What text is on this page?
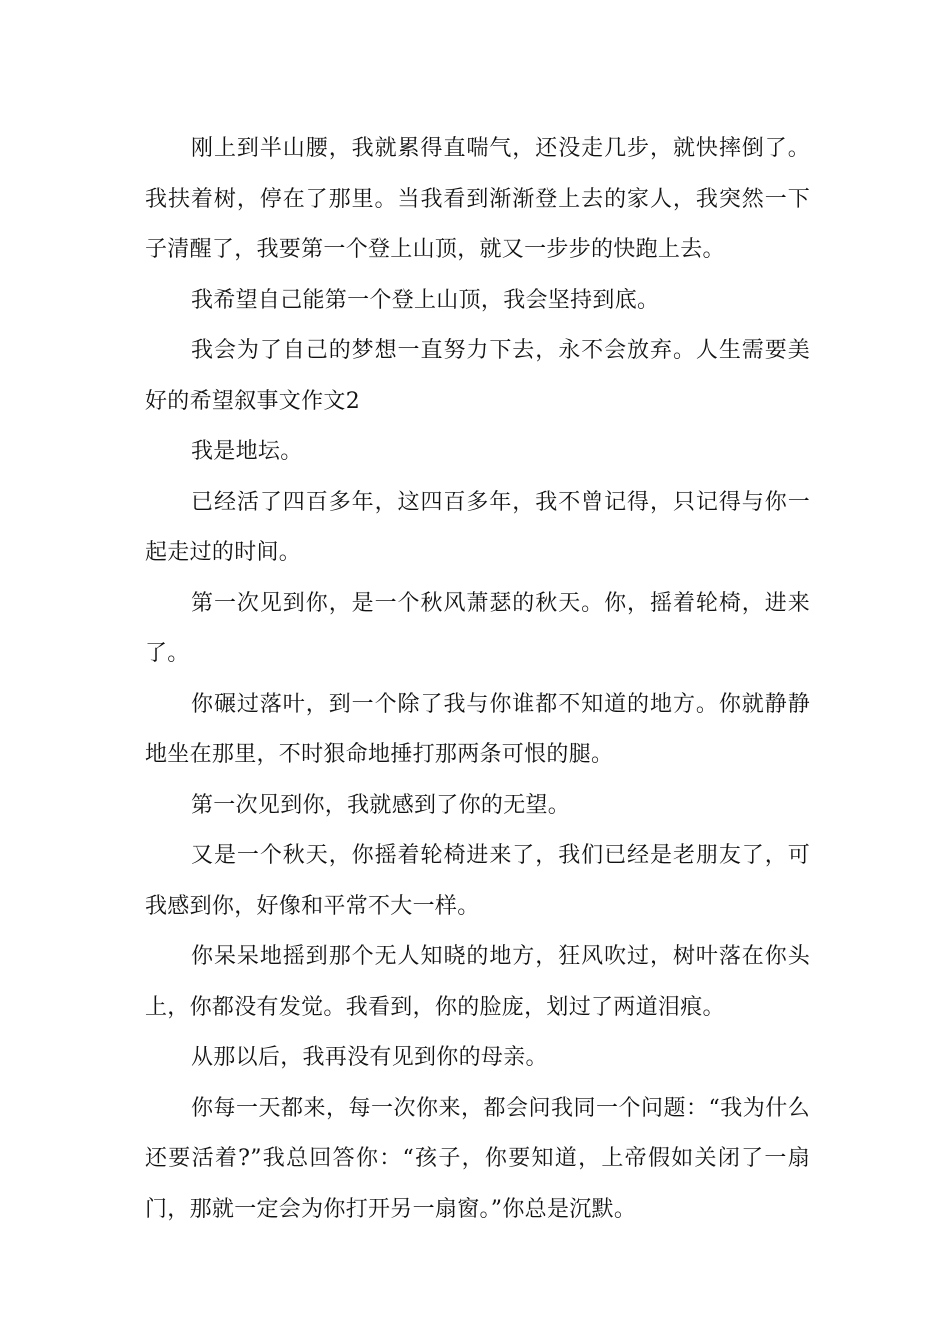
刚上到半山腰，我就累得直喘气，还没走几步，就快摔倒了。我扶着树，停在了那里。当我看到渐渐登上去的家人，我突然一下子清醒了，我要第一个登上山顶，就又一步步的快跑上去。

我希望自己能第一个登上山顶，我会坚持到底。

我会为了自己的梦想一直努力下去，永不会放弃。人生需要美好的希望叙事文作文2

我是地坛。

已经活了四百多年，这四百多年，我不曾记得，只记得与你一起走过的时间。

第一次见到你，是一个秋风萧瑟的秋天。你，摇着轮椅，进来了。

你碾过落叶，到一个除了我与你谁都不知道的地方。你就静静地坐在那里，不时狠命地捶打那两条可恨的腿。

第一次见到你，我就感到了你的无望。

又是一个秋天，你摇着轮椅进来了，我们已经是老朋友了，可我感到你，好像和平常不大一样。

你呆呆地摇到那个无人知晓的地方，狂风吹过，树叶落在你头上，你都没有发觉。我看到，你的脸庞，划过了两道泪痕。

从那以后，我再没有见到你的母亲。

你每一天都来，每一次你来，都会问我同一个问题：“我为什么还要活着?”我总回答你：“孩子，你要知道，上帝假如关闭了一扇门，那就一定会为你打开另一扇窗。”你总是沉默。
